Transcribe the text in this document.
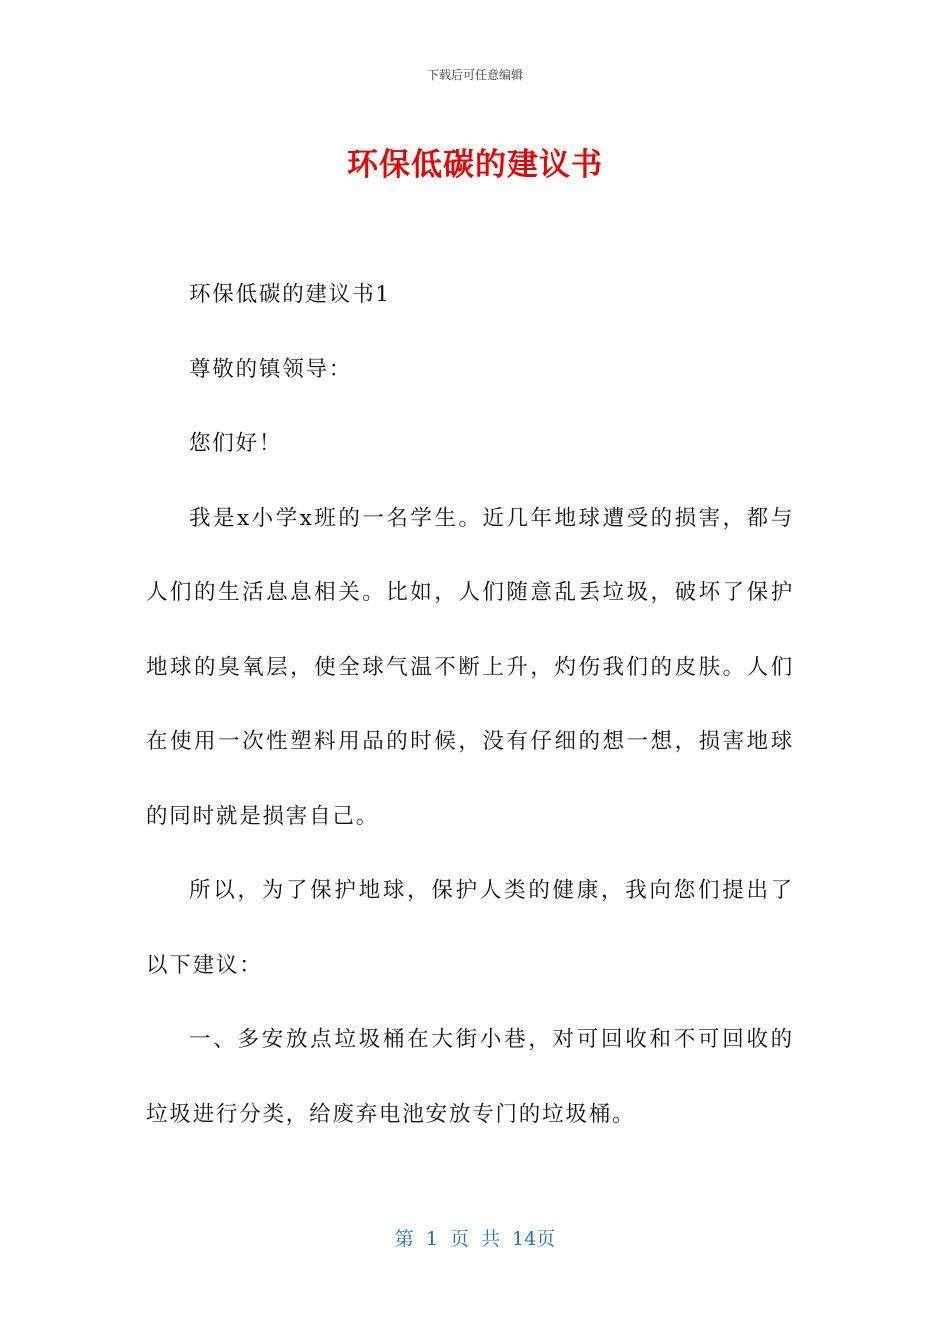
下载后可任意编辑
环保低碳的建议书

环保低碳的建议书1

尊敬的镇领导：

您们好！

我是x小学x班的一名学生。近几年地球遭受的损害，都与人们的生活息息相关。比如，人们随意乱丢垃圾，破坏了保护地球的臭氧层，使全球气温不断上升，灼伤我们的皮肤。人们在使用一次性塑料用品的时候，没有仔细的想一想，损害地球的同时就是损害自己。

所以，为了保护地球，保护人类的健康，我向您们提出了以下建议：

一、多安放点垃圾桶在大街小巷，对可回收和不可回收的垃圾进行分类，给废弃电池安放专门的垃圾桶。

第 1 页 共 14页
